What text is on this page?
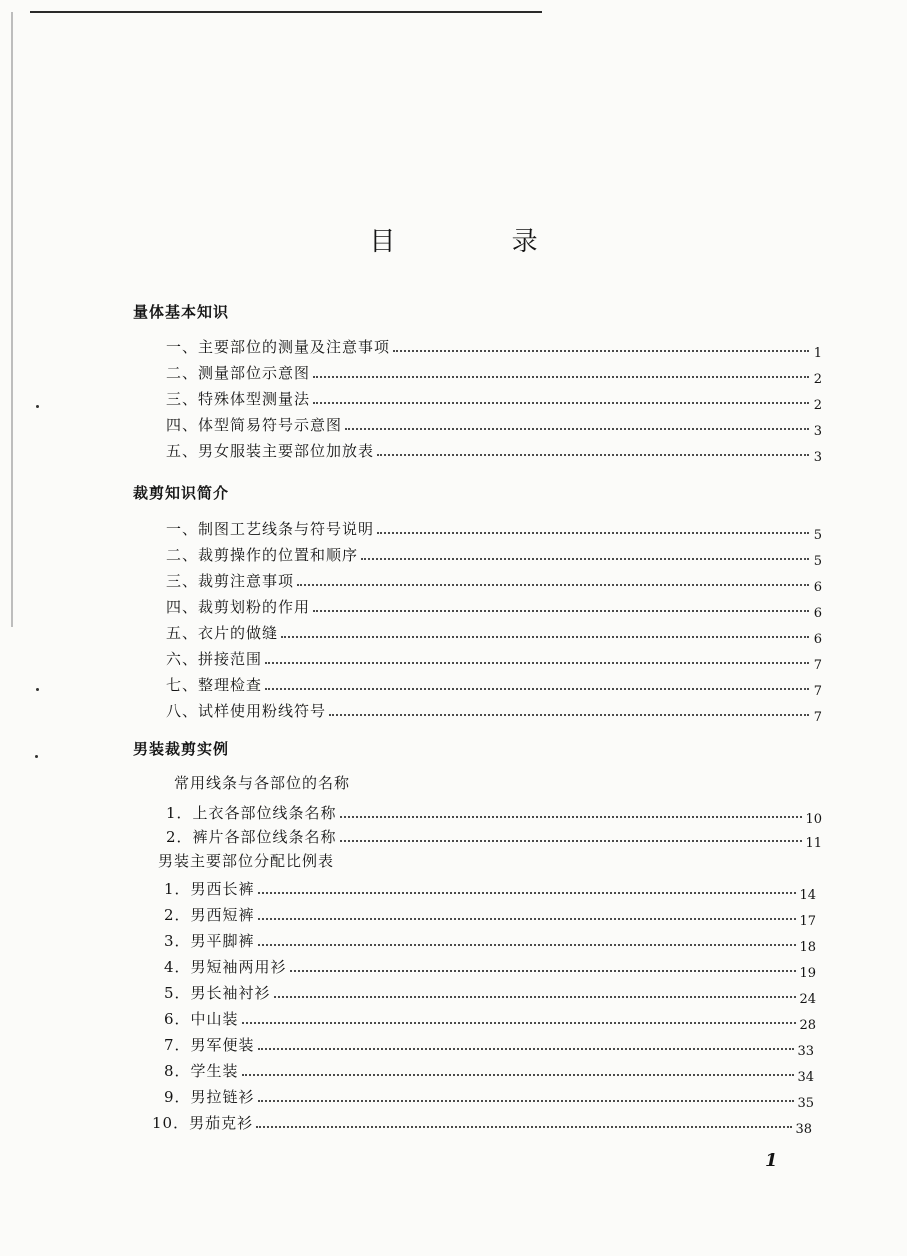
目 录
量体基本知识
一、主要部位的测量及注意事项	1
二、测量部位示意图	2
三、特殊体型测量法	2
四、体型简易符号示意图	3
五、男女服装主要部位加放表	3
裁剪知识简介
一、制图工艺线条与符号说明	5
二、裁剪操作的位置和顺序	5
三、裁剪注意事项	6
四、裁剪划粉的作用	6
五、衣片的做缝	6
六、拼接范围	7
七、整理检查	7
八、试样使用粉线符号	7
男装裁剪实例
常用线条与各部位的名称
1．上衣各部位线条名称	10
2．裤片各部位线条名称	11
男装主要部位分配比例表
1．男西长裤	14
2．男西短裤	17
3．男平脚裤	18
4．男短袖两用衫	19
5．男长袖衬衫	24
6．中山装	28
7．男军便装	33
8．学生装	34
9．男拉链衫	35
10．男茄克衫	38
1
